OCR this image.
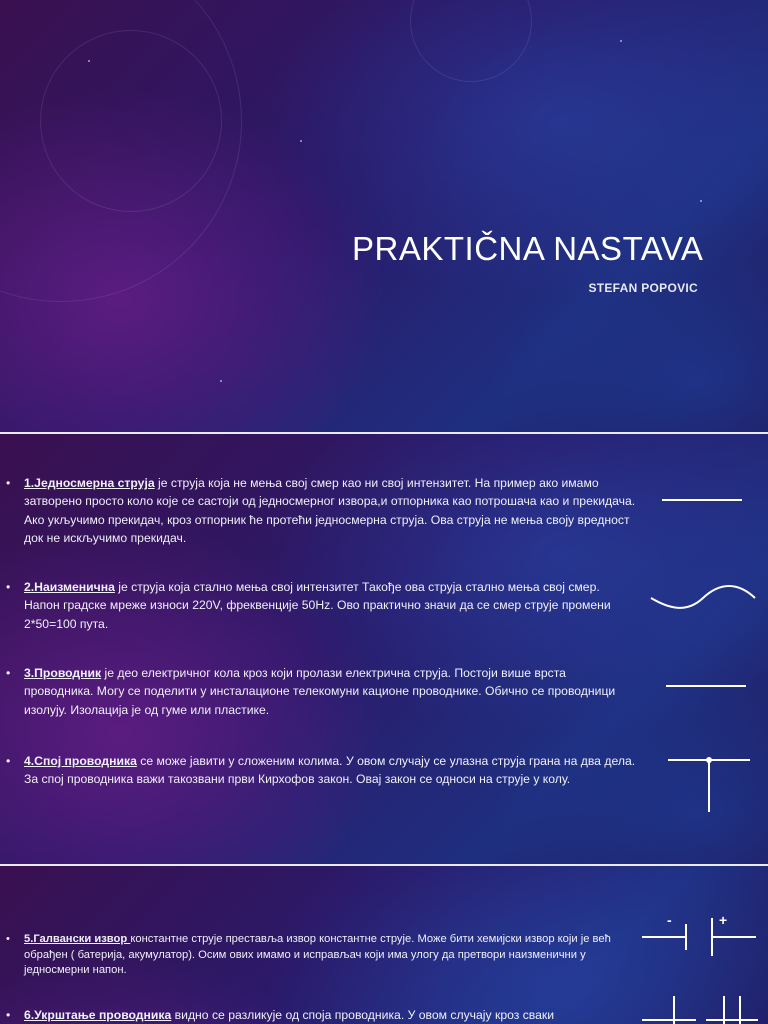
PRAKTIČNA NASTAVA
STEFAN POPOVIC
• 1.Једносмерна струја је струја која не мења свој смер као ни свој интензитет. На пример ако имамо затворено просто коло које се састоји од једносмерног извора,и отпорника као потрошача као и прекидача. Ако укључимо прекидач, кроз отпорник ће протећи једносмерна струја. Ова струја не мења своју вредност док не искључимо прекидач.
• 2.Наизменична је струја која стално мења свој интензитет Такође ова струја стално мења свој смер. Напон градске мреже износи 220V, фреквенције 50Hz. Ово практично значи да се смер струје промени 2*50=100 пута.
• 3.Проводник је део електричног кола кроз који пролази електрична струја. Постоји више врста проводника. Могу се поделити у инсталационе телекомуни кационе проводнике. Обично се проводници изолују. Изолација је од гуме или пластике.
• 4.Спој проводника се може јавити у сложеним колима. У овом случају се улазна струја грана на два дела. За спој проводника важи такозвани први Кирхофов закон. Овај закон се односи на струје у колу.
• 5.Галвански извор константне струје преставља извор константне струје. Може бити хемијски извор који је већ обрађен ( батерија, акумулатор). Осим ових имамо и исправљач који има улогу да претвори наизменични у једносмерни напон.
-	+
• 6.Укрштање проводника видно се разликује од споја проводника. У овом случају кроз сваки
